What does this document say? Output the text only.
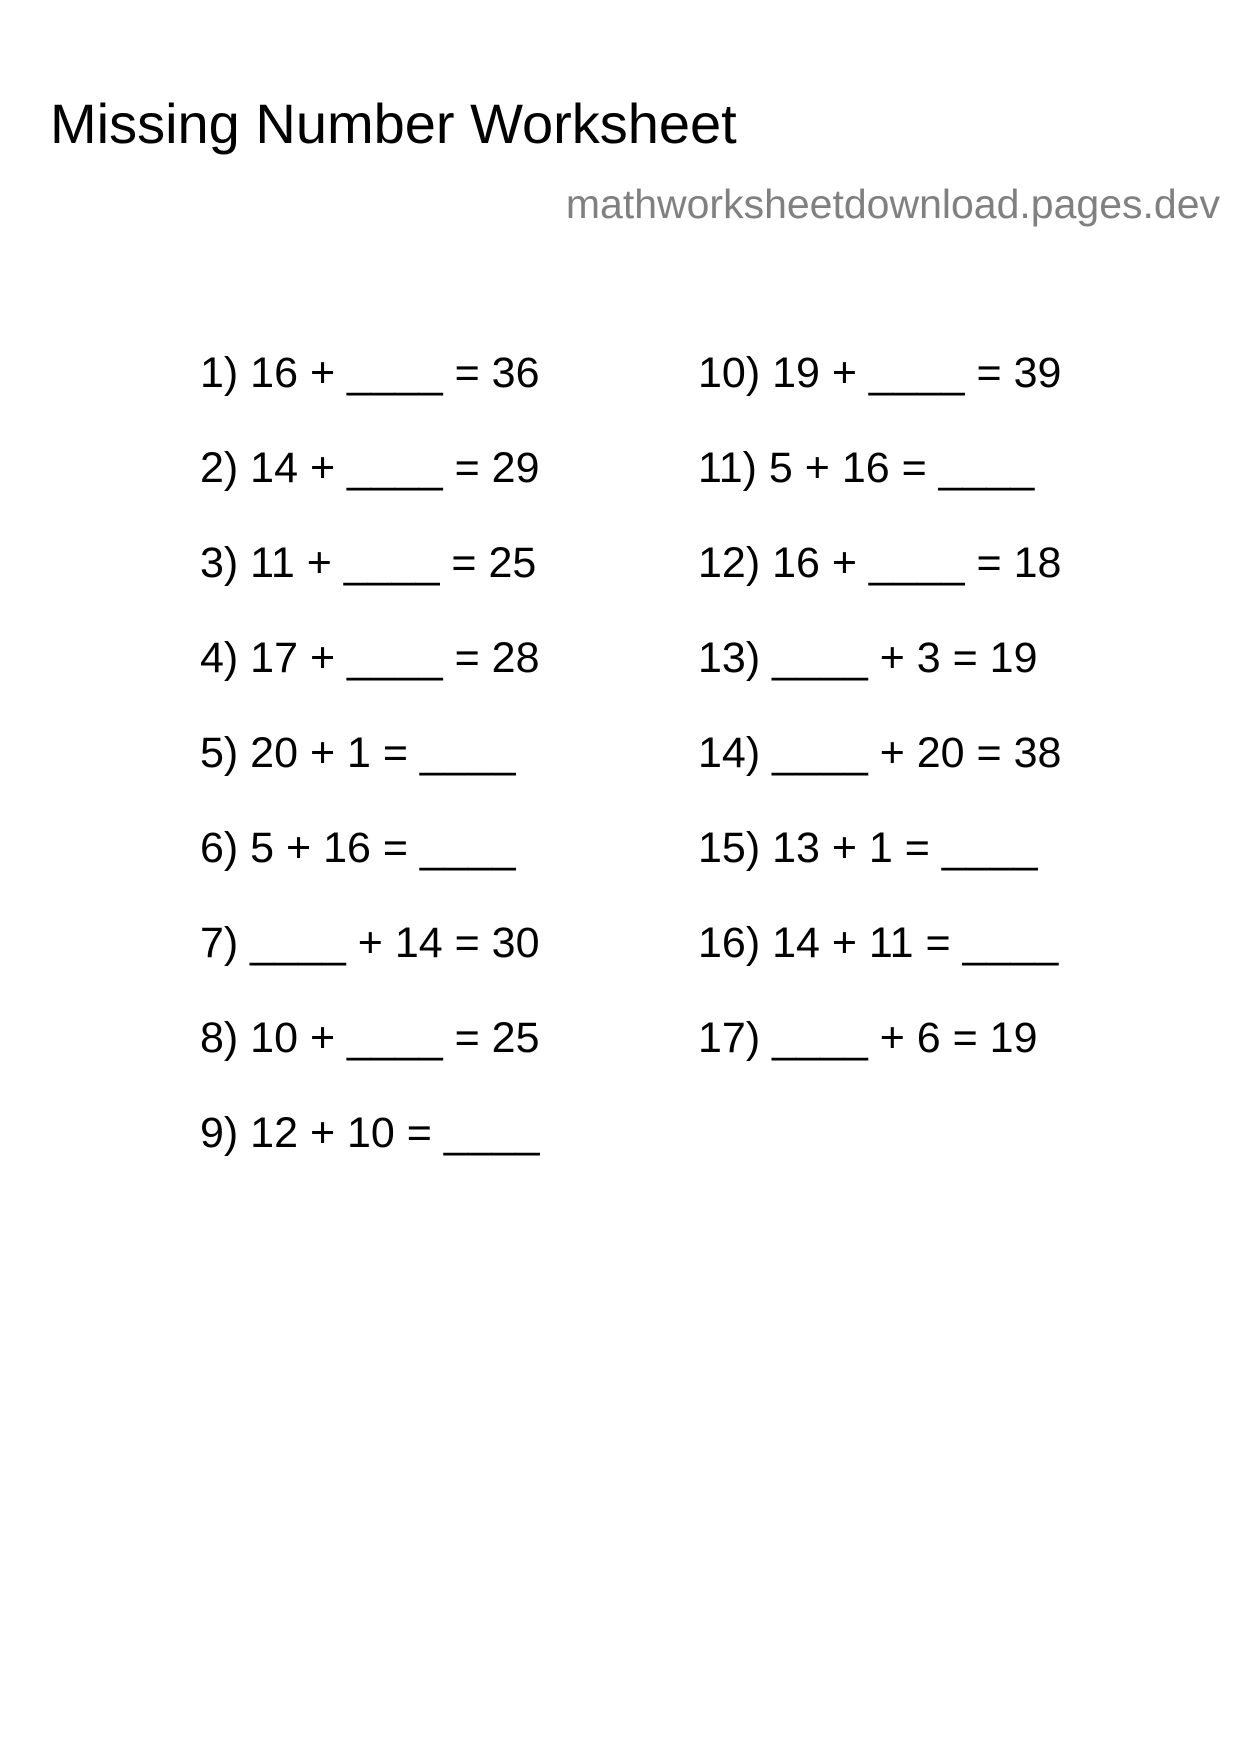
Missing Number Worksheet
mathworksheetdownload.pages.dev
1) 16 + ____ = 36
2) 14 + ____ = 29
3) 11 + ____ = 25
4) 17 + ____ = 28
5) 20 + 1 = ____
6) 5 + 16 = ____
7) ____ + 14 = 30
8) 10 + ____ = 25
9) 12 + 10 = ____
10) 19 + ____ = 39
11) 5 + 16 = ____
12) 16 + ____ = 18
13) ____ + 3 = 19
14) ____ + 20 = 38
15) 13 + 1 = ____
16) 14 + 11 = ____
17) ____ + 6 = 19
